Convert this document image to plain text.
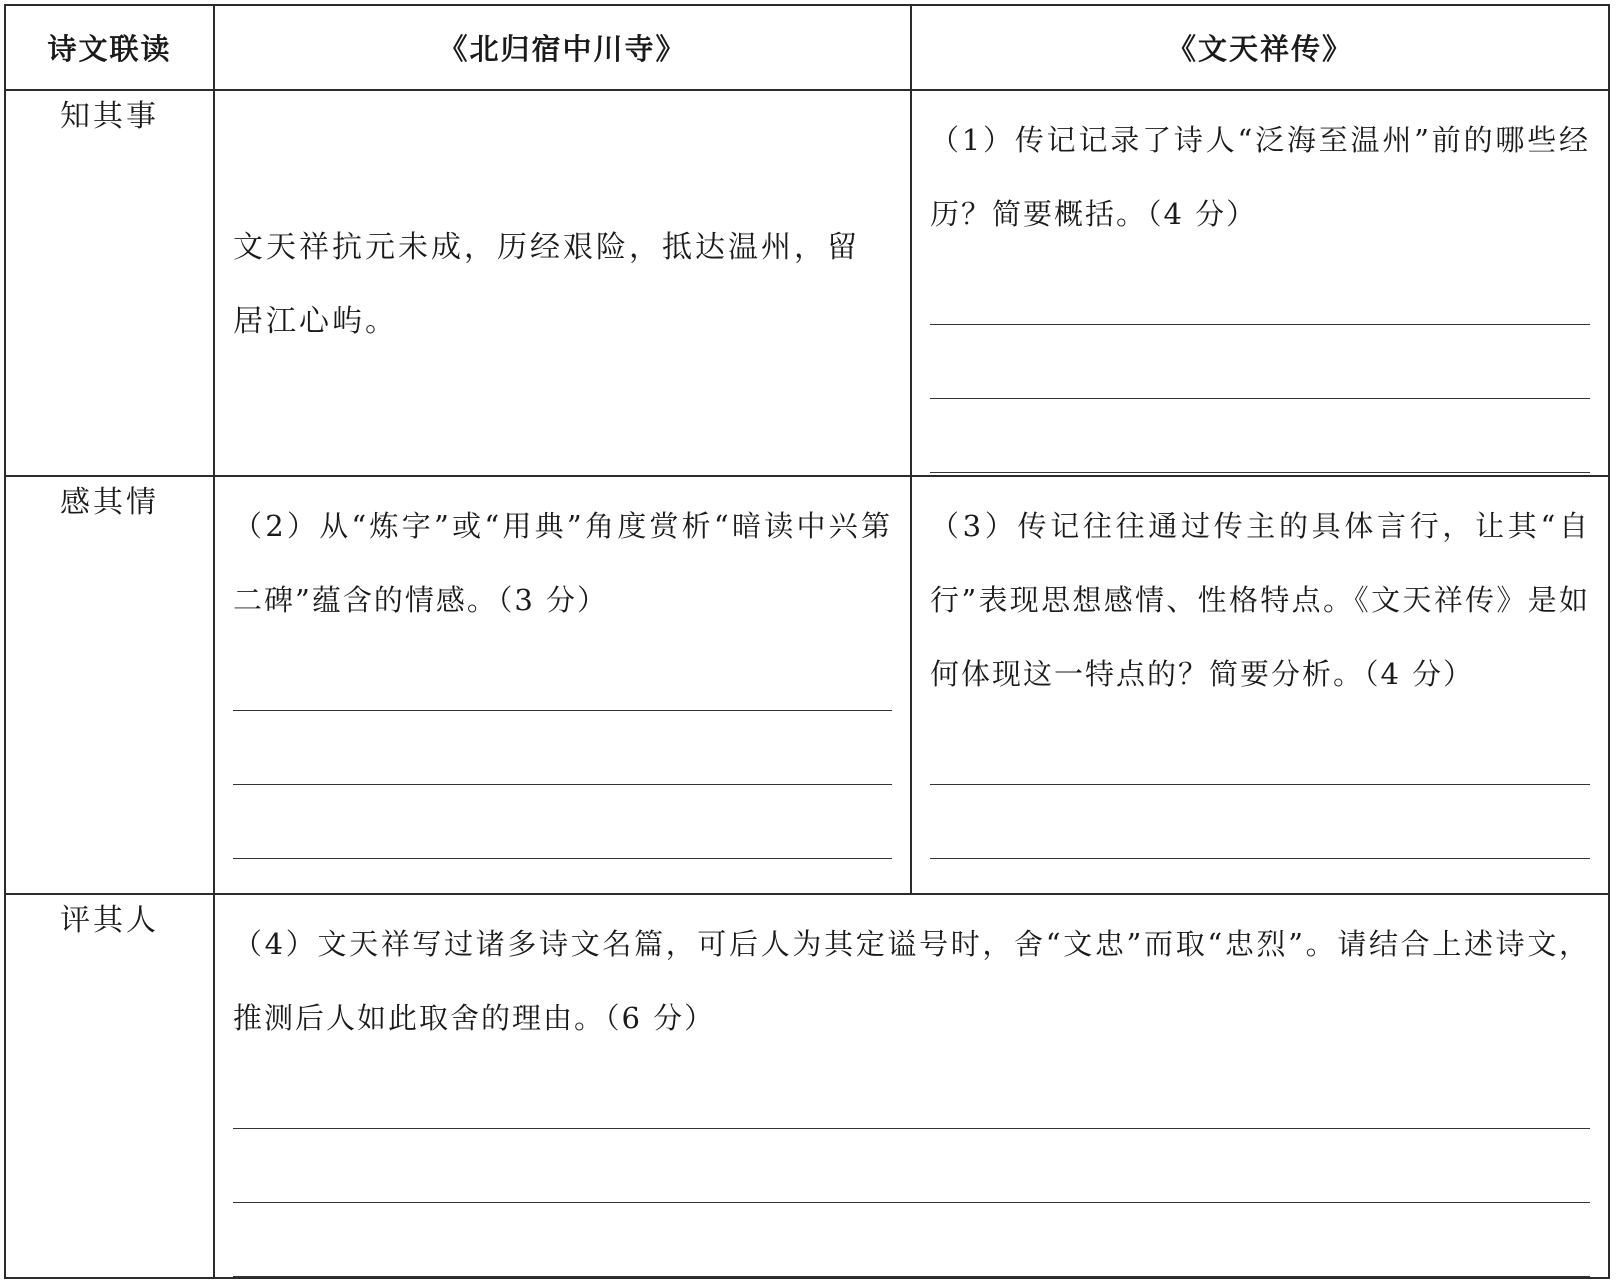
诗文联读	《北归宿中川寺》	《文天祥传》
知其事	文天祥抗元未成，历经艰险，抵达温州，留居江心屿。	（1）传记记录了诗人“泛海至温州”前的哪些经历？简要概括。（4 分）

感其情	（2）从“炼字”或“用典”角度赏析“暗读中兴第二碑”蕴含的情感。（3 分）	（3）传记往往通过传主的具体言行，让其“自行”表现思想感情、性格特点。《文天祥传》是如何体现这一特点的？简要分析。（4 分）

评其人	（4）文天祥写过诸多诗文名篇，可后人为其定谥号时，舍“文忠”而取“忠烈”。请结合上述诗文，推测后人如此取舍的理由。（6 分）	
